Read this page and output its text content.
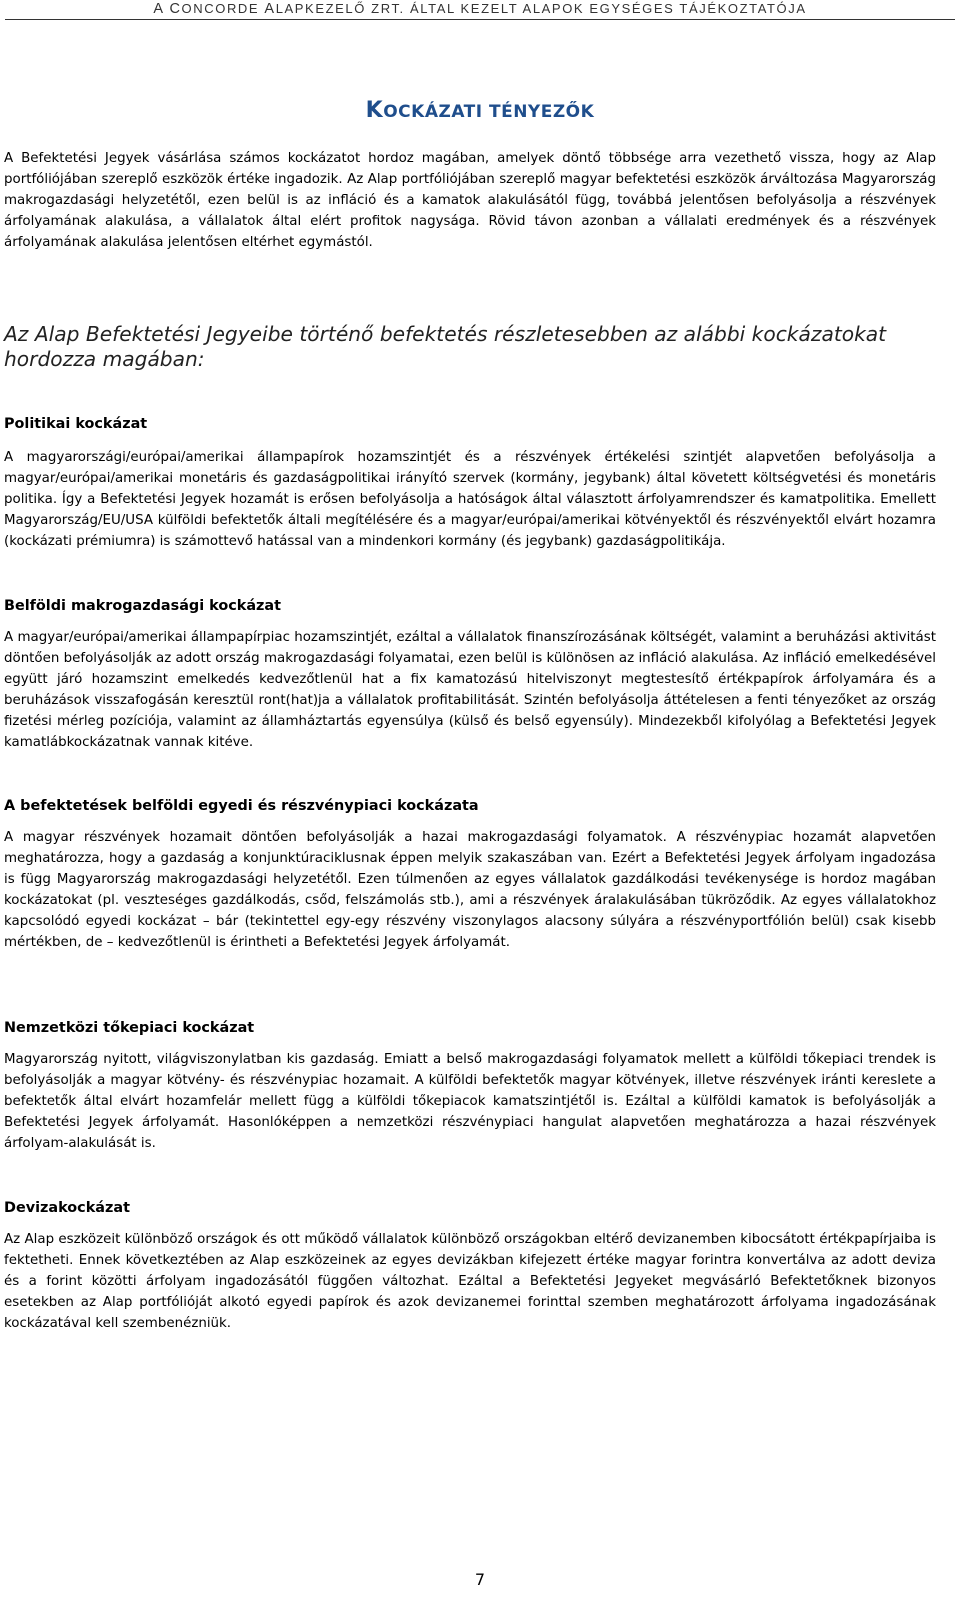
A CONCORDE ALAPKEZELŐ ZRT. ÁLTAL KEZELT ALAPOK EGYSÉGES TÁJÉKOZTATÓJA
KOCKÁZATI TÉNYEZŐK

A Befektetési Jegyek vásárlása számos kockázatot hordoz magában, amelyek döntő többsége arra vezethető vissza, hogy az Alap portfóliójában szereplő eszközök értéke ingadozik. Az Alap portfóliójában szereplő magyar befektetési eszközök árváltozása Magyarország makrogazdasági helyzetétől, ezen belül is az infláció és a kamatok alakulásától függ, továbbá jelentősen befolyásolja a részvények árfolyamának alakulása, a vállalatok által elért profitok nagysága. Rövid távon azonban a vállalati eredmények és a részvények árfolyamának alakulása jelentősen eltérhet egymástól.

Az Alap Befektetési Jegyeibe történő befektetés részletesebben az alábbi kockázatokat hordozza magában:
Politikai kockázat

A magyarországi/európai/amerikai állampapírok hozamszintjét és a részvények értékelési szintjét alapvetően befolyásolja a magyar/európai/amerikai monetáris és gazdaságpolitikai irányító szervek (kormány, jegybank) által követett költségvetési és monetáris politika. Így a Befektetési Jegyek hozamát is erősen befolyásolja a hatóságok által választott árfolyamrendszer és kamatpolitika. Emellett Magyarország/EU/USA külföldi befektetők általi megítélésére és a magyar/európai/amerikai kötvényektől és részvényektől elvárt hozamra (kockázati prémiumra) is számottevő hatással van a mindenkori kormány (és jegybank) gazdaságpolitikája.

Belföldi makrogazdasági kockázat

A magyar/európai/amerikai állampapírpiac hozamszintjét, ezáltal a vállalatok finanszírozásának költségét, valamint a beruházási aktivitást döntően befolyásolják az adott ország makrogazdasági folyamatai, ezen belül is különösen az infláció alakulása. Az infláció emelkedésével együtt járó hozamszint emelkedés kedvezőtlenül hat a fix kamatozású hitelviszonyt megtestesítő értékpapírok árfolyamára és a beruházások visszafogásán keresztül ront(hat)ja a vállalatok profitabilitását. Szintén befolyásolja áttételesen a fenti tényezőket az ország fizetési mérleg pozíciója, valamint az államháztartás egyensúlya (külső és belső egyensúly). Mindezekből kifolyólag a Befektetési Jegyek kamatlábkockázatnak vannak kitéve.

A befektetések belföldi egyedi és részvénypiaci kockázata

A magyar részvények hozamait döntően befolyásolják a hazai makrogazdasági folyamatok. A részvénypiac hozamát alapvetően meghatározza, hogy a gazdaság a konjunktúraciklusnak éppen melyik szakaszában van. Ezért a Befektetési Jegyek árfolyam ingadozása is függ Magyarország makrogazdasági helyzetétől. Ezen túlmenően az egyes vállalatok gazdálkodási tevékenysége is hordoz magában kockázatokat (pl. veszteséges gazdálkodás, csőd, felszámolás stb.), ami a részvények áralakulásában tükröződik. Az egyes vállalatokhoz kapcsolódó egyedi kockázat – bár (tekintettel egy-egy részvény viszonylagos alacsony súlyára a részvényportfólión belül) csak kisebb mértékben, de – kedvezőtlenül is érintheti a Befektetési Jegyek árfolyamát.

Nemzetközi tőkepiaci kockázat

Magyarország nyitott, világviszonylatban kis gazdaság. Emiatt a belső makrogazdasági folyamatok mellett a külföldi tőkepiaci trendek is befolyásolják a magyar kötvény- és részvénypiac hozamait. A külföldi befektetők magyar kötvények, illetve részvények iránti kereslete a befektetők által elvárt hozamfelár mellett függ a külföldi tőkepiacok kamatszintjétől is. Ezáltal a külföldi kamatok is befolyásolják a Befektetési Jegyek árfolyamát. Hasonlóképpen a nemzetközi részvénypiaci hangulat alapvetően meghatározza a hazai részvények árfolyam-alakulását is.

Devizakockázat

Az Alap eszközeit különböző országok és ott működő vállalatok különböző országokban eltérő devizanemben kibocsátott értékpapírjaiba is fektetheti. Ennek következtében az Alap eszközeinek az egyes devizákban kifejezett értéke magyar forintra konvertálva az adott deviza és a forint közötti árfolyam ingadozásától függően változhat. Ezáltal a Befektetési Jegyeket megvásárló Befektetőknek bizonyos esetekben az Alap portfólióját alkotó egyedi papírok és azok devizanemei forinttal szemben meghatározott árfolyama ingadozásának kockázatával kell szembenézniük.

7
